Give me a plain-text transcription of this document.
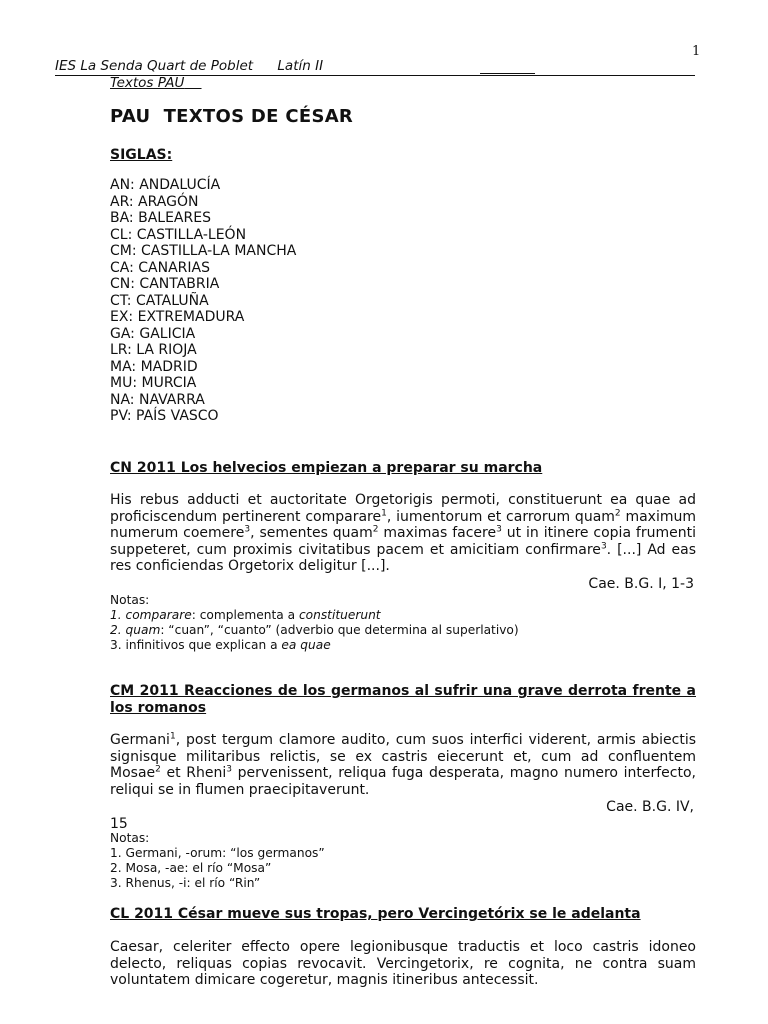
1
IES La Senda Quart de Poblet Latín II
Textos PAU
PAU  TEXTOS DE CÉSAR
SIGLAS:
AN: ANDALUCÍA
AR: ARAGÓN
BA: BALEARES
CL: CASTILLA-LEÓN
CM: CASTILLA-LA MANCHA
CA: CANARIAS
CN: CANTABRIA
CT: CATALUÑA
EX: EXTREMADURA
GA: GALICIA
LR: LA RIOJA
MA: MADRID
MU: MURCIA
NA: NAVARRA
PV: PAÍS VASCO
CN 2011 Los helvecios empiezan a preparar su marcha

His rebus adducti et auctoritate Orgetorigis permoti, constituerunt ea quae ad proficiscendum pertinerent comparare$^1$, iumentorum et carrorum quam$^2$ maximum numerum coemere$^3$, sementes quam$^2$ maximas facere$^3$ ut in itinere copia frumenti suppeteret, cum proximis civitatibus pacem et amicitiam confirmare$^3$. [...] Ad eas res conficiendas Orgetorix deligitur [...].

Cae. B.G. I, 1-3
Notas:
1. comparare: complementa a constituerunt
2. quam: “cuan”, “cuanto” (adverbio que determina al superlativo)
3. infinitivos que explican a ea quae
CM 2011 Reacciones de los germanos al sufrir una grave derrota frente a los romanos

Germani$^1$, post tergum clamore audito, cum suos interfici viderent, armis abiectis signisque militaribus relictis, se ex castris eiecerunt et, cum ad confluentem Mosae$^2$ et Rheni$^3$ pervenissent, reliqua fuga desperata, magno numero interfecto, reliqui se in flumen praecipitaverunt.

Cae. B.G. IV,
15
Notas:
1. Germani, -orum: “los germanos”
2. Mosa, -ae: el río “Mosa”
3. Rhenus, -i: el río “Rin”
CL 2011 César mueve sus tropas, pero Vercingetórix se le adelanta

Caesar, celeriter effecto opere legionibusque traductis et loco castris idoneo delecto, reliquas copias revocavit. Vercingetorix, re cognita, ne contra suam voluntatem dimicare cogeretur, magnis itineribus antecessit.
